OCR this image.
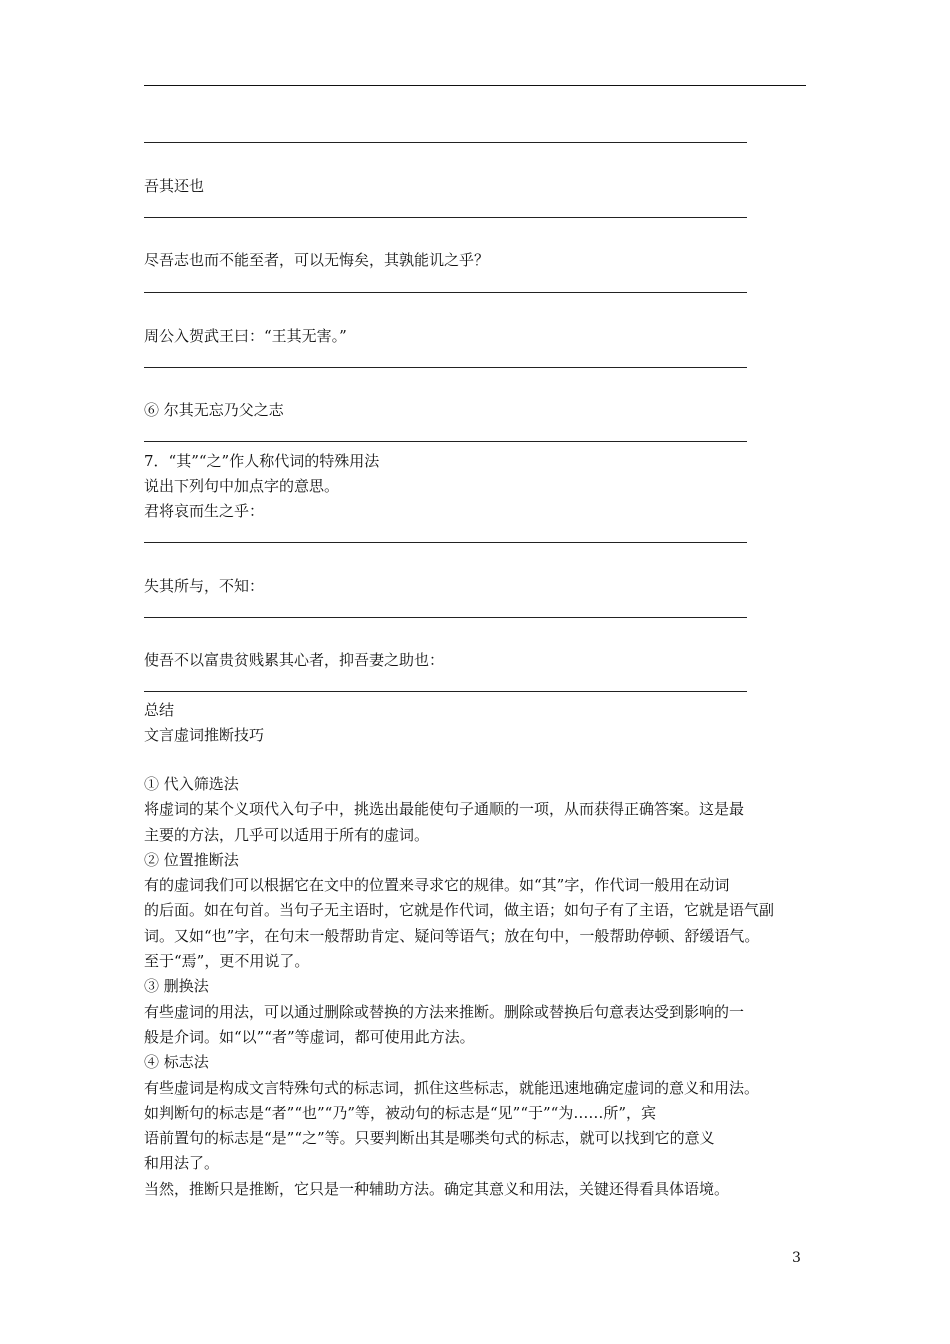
吾其还也
尽吾志也而不能至者，可以无悔矣，其孰能讥之乎？
周公入贺武王曰：“王其无害。”
⑥ 尔其无忘乃父之志
7．“其”“之”作人称代词的特殊用法
说出下列句中加点字的意思。
君将哀而生之乎：
失其所与，不知：
使吾不以富贵贫贱累其心者，抑吾妻之助也：
总结
文言虚词推断技巧
① 代入筛选法
将虚词的某个义项代入句子中，挑选出最能使句子通顺的一项，从而获得正确答案。这是最
主要的方法，几乎可以适用于所有的虚词。
② 位置推断法
有的虚词我们可以根据它在文中的位置来寻求它的规律。如“其”字，作代词一般用在动词
的后面。如在句首。当句子无主语时，它就是作代词，做主语；如句子有了主语，它就是语气副
词。又如“也”字，在句末一般帮助肯定、疑问等语气；放在句中，一般帮助停顿、舒缓语气。
至于“焉”，更不用说了。
③ 删换法
有些虚词的用法，可以通过删除或替换的方法来推断。删除或替换后句意表达受到影响的一
般是介词。如“以”“者”等虚词，都可使用此方法。
④ 标志法
有些虚词是构成文言特殊句式的标志词，抓住这些标志，就能迅速地确定虚词的意义和用法。
如判断句的标志是“者”“也”“乃”等，被动句的标志是“见”“于”“为……所”，宾
语前置句的标志是“是”“之”等。只要判断出其是哪类句式的标志，就可以找到它的意义
和用法了。
当然，推断只是推断，它只是一种辅助方法。确定其意义和用法，关键还得看具体语境。
3
